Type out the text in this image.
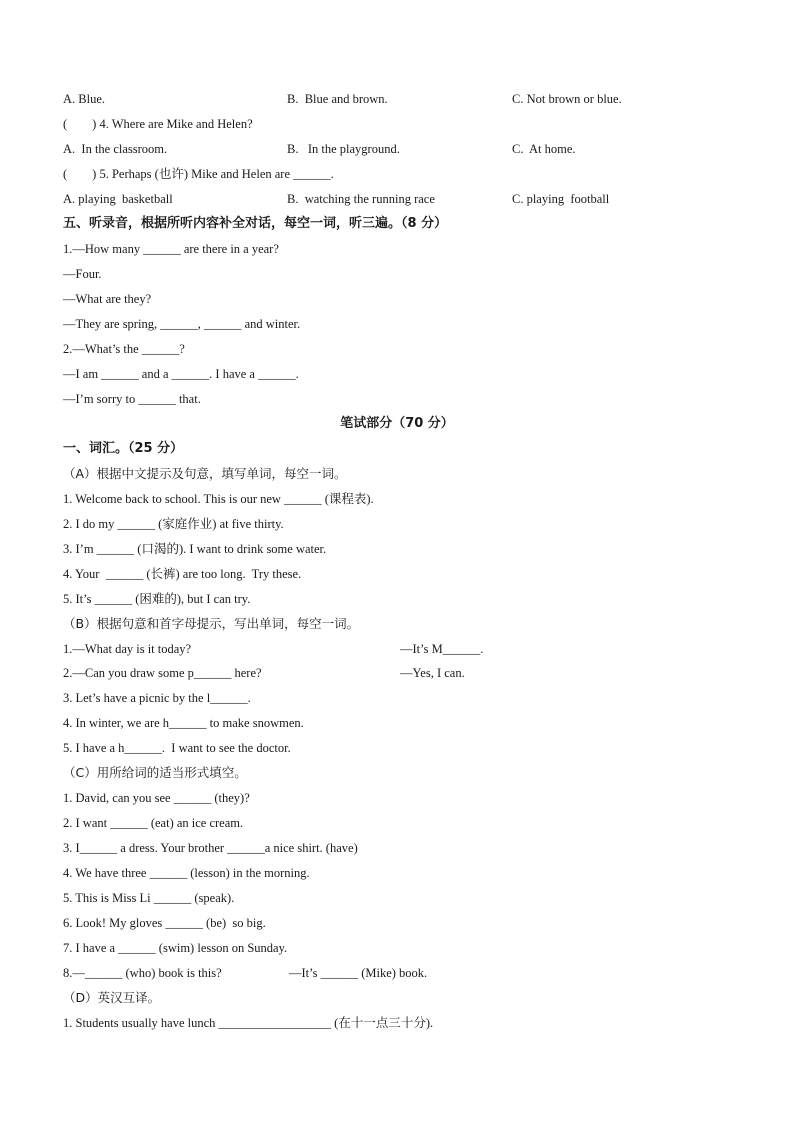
A. Blue.	B.  Blue and brown.	C. Not brown or blue.
(        ) 4. Where are Mike and Helen?
A.  In the classroom.	B.   In the playground.	C.  At home.
(        ) 5. Perhaps (也许) Mike and Helen are ______.
A. playing  basketball	B.  watching the running race	C. playing  football
五、听录音，根据所听内容补全对话，每空一词，听三遍。（8 分）
1.—How many ______ are there in a year?
—Four.
—What are they?
—They are spring, ______, ______ and winter.
2.—What’s the ______?
—I am ______ and a ______. I have a ______.
—I’m sorry to ______ that.
笔试部分（70 分）
一、词汇。（25 分）
（A）根据中文提示及句意，填写单词，每空一词。
1. Welcome back to school. This is our new ______ (课程表).
2. I do my ______ (家庭作业) at five thirty.
3. I’m ______ (口渴的). I want to drink some water.
4. Your  ______ (长裤) are too long.  Try these.
5. It’s ______ (困难的), but I can try.
（B）根据句意和首字母提示，写出单词，每空一词。
1.—What day is it today?	—It’s M______.
2.—Can you draw some p______ here?	—Yes, I can.
3. Let’s have a picnic by the l______.
4. In winter, we are h______ to make snowmen.
5. I have a h______.  I want to see the doctor.
（C）用所给词的适当形式填空。
1. David, can you see ______ (they)?
2. I want ______ (eat) an ice cream.
3. I______ a dress. Your brother ______a nice shirt. (have)
4. We have three ______ (lesson) in the morning.
5. This is Miss Li ______ (speak).
6. Look! My gloves ______ (be)  so big.
7. I have a ______ (swim) lesson on Sunday.
8.—______ (who) book is this?	—It’s ______ (Mike) book.
（D）英汉互译。
1. Students usually have lunch __________________ (在十一点三十分).
